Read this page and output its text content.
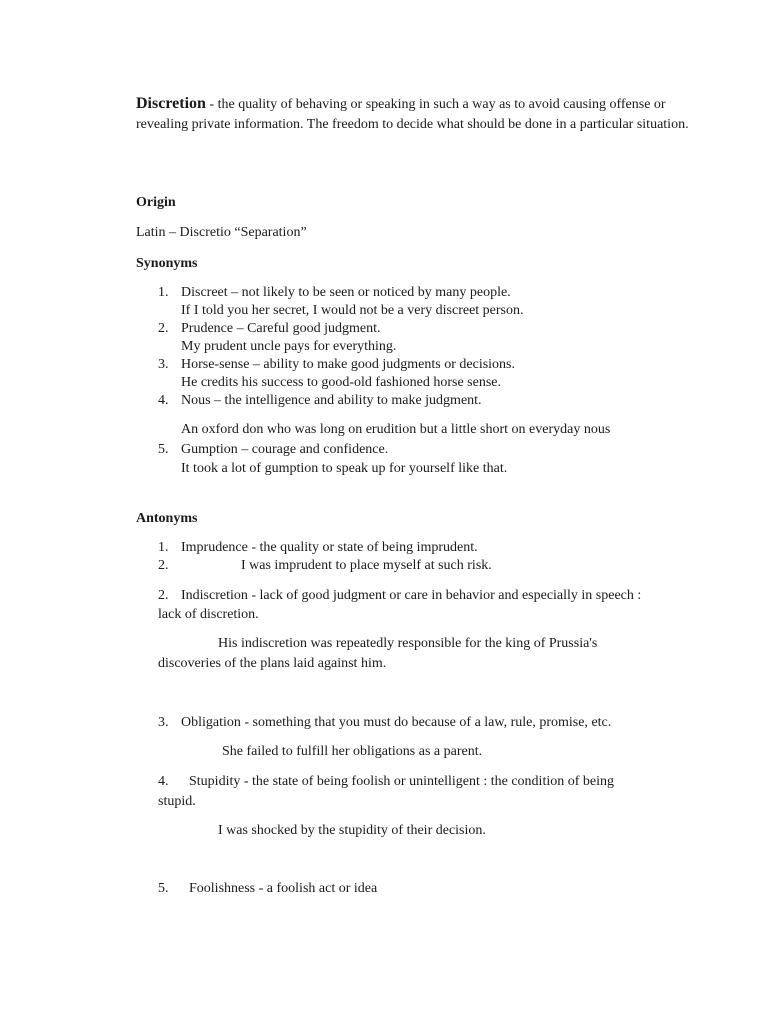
Discretion - the quality of behaving or speaking in such a way as to avoid causing offense or revealing private information. The freedom to decide what should be done in a particular situation.
Origin
Latin – Discretio “Separation”
Synonyms
1. Discreet – not likely to be seen or noticed by many people.
If I told you her secret, I would not be a very discreet person.
2. Prudence – Careful good judgment.
My prudent uncle pays for everything.
3. Horse-sense – ability to make good judgments or decisions.
He credits his success to good-old fashioned horse sense.
4. Nous – the intelligence and ability to make judgment.
An oxford don who was long on erudition but a little short on everyday nous
5. Gumption – courage and confidence.
It took a lot of gumption to speak up for yourself like that.
Antonyms
1. Imprudence - the quality or state of being imprudent.
2.	I was imprudent to place myself at such risk.
2. Indiscretion - lack of good judgment or care in behavior and especially in speech :
lack of discretion.
His indiscretion was repeatedly responsible for the king of Prussia's
discoveries of the plans laid against him.
3. Obligation - something that you must do because of a law, rule, promise, etc.
She failed to fulfill her obligations as a parent.
4. Stupidity - the state of being foolish or unintelligent : the condition of being
stupid.
I was shocked by the stupidity of their decision.
5. Foolishness - a foolish act or idea
